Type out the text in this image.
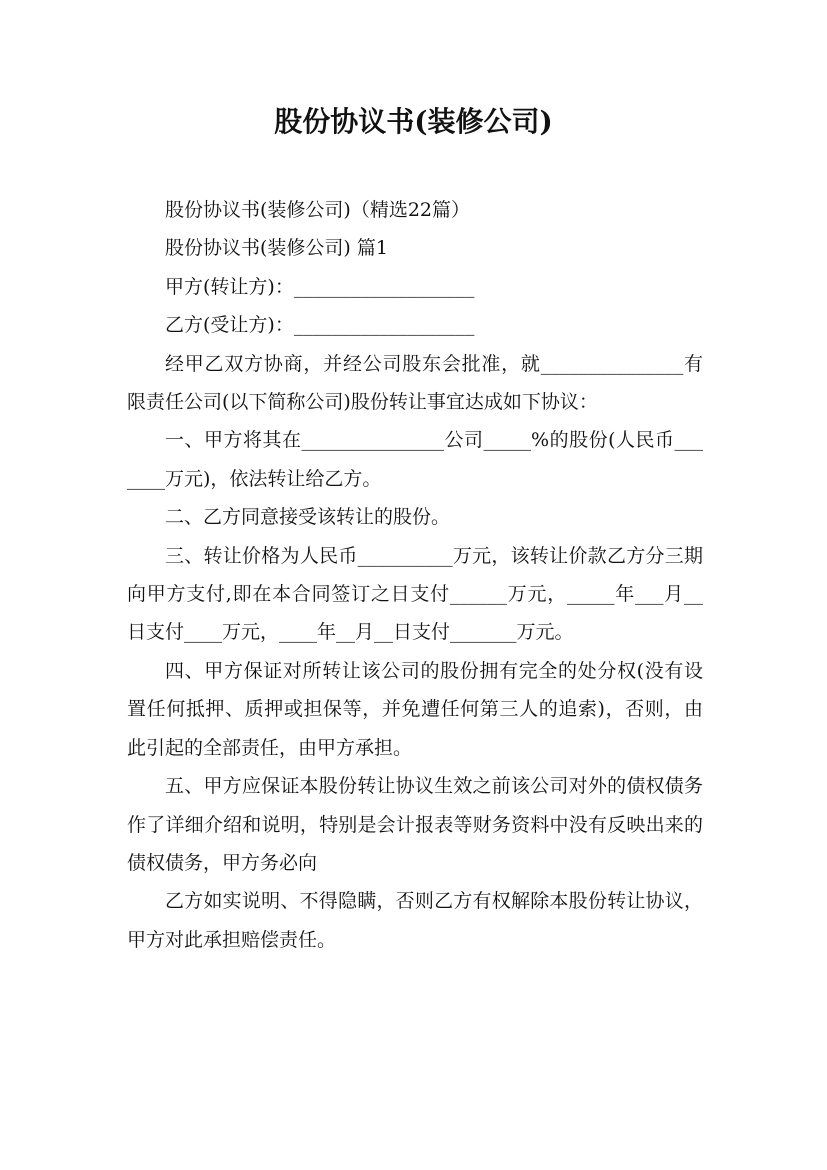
股份协议书(装修公司)

股份协议书(装修公司)（精选22篇）

股份协议书(装修公司) 篇1

甲方(转让方)：___________________

乙方(受让方)：___________________

经甲乙双方协商，并经公司股东会批准，就_______________有限责任公司(以下简称公司)股份转让事宜达成如下协议：

一、甲方将其在_______________公司_____%的股份(人民币_______万元)，依法转让给乙方。

二、乙方同意接受该转让的股份。

三、转让价格为人民币__________万元，该转让价款乙方分三期向甲方支付,即在本合同签订之日支付______万元，_____年___月__日支付____万元，____年__月__日支付_______万元。

四、甲方保证对所转让该公司的股份拥有完全的处分权(没有设置任何抵押、质押或担保等，并免遭任何第三人的追索)，否则，由此引起的全部责任，由甲方承担。

五、甲方应保证本股份转让协议生效之前该公司对外的债权债务作了详细介绍和说明，特别是会计报表等财务资料中没有反映出来的债权债务，甲方务必向

乙方如实说明、不得隐瞒，否则乙方有权解除本股份转让协议，甲方对此承担赔偿责任。
